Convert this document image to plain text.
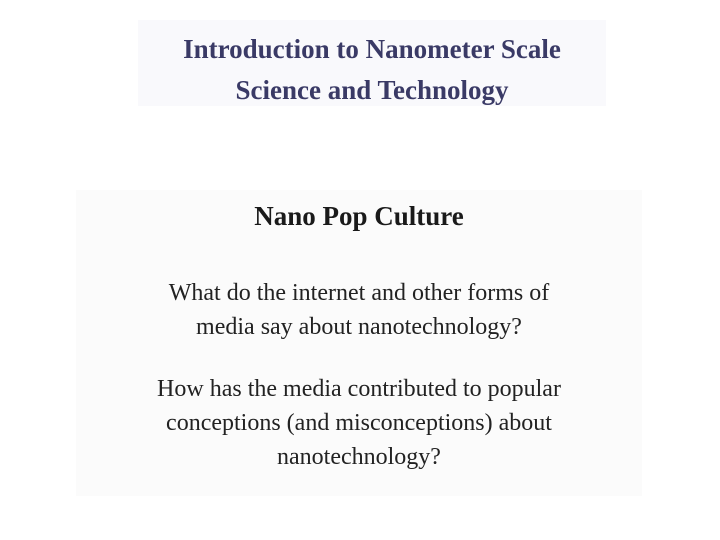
Introduction to Nanometer Scale
Science and Technology
Nano Pop Culture

What do the internet and other forms of

media say about nanotechnology?

How has the media contributed to popular

conceptions (and misconceptions) about

nanotechnology?
